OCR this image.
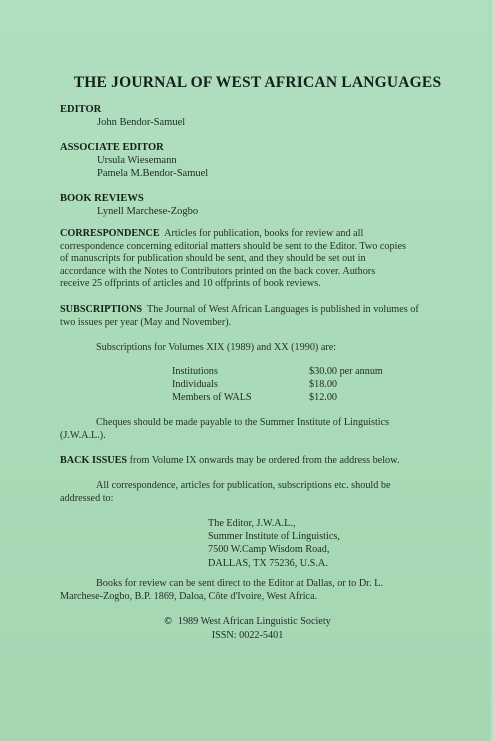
THE JOURNAL OF WEST AFRICAN LANGUAGES
EDITOR
John Bendor-Samuel
ASSOCIATE EDITOR
Ursula Wiesemann
Pamela M.Bendor-Samuel
BOOK REVIEWS
Lynell Marchese-Zogbo
CORRESPONDENCE Articles for publication, books for review and all
correspondence concerning editorial matters should be sent to the Editor. Two copies
of manuscripts for publication should be sent, and they should be set out in
accordance with the Notes to Contributors printed on the back cover. Authors
receive 25 offprints of articles and 10 offprints of book reviews.
SUBSCRIPTIONS The Journal of West African Languages is published in volumes of
two issues per year (May and November).
Subscriptions for Volumes XIX (1989) and XX (1990) are:
Institutions	$30.00 per annum
Individuals	$18.00
Members of WALS	$12.00
Cheques should be made payable to the Summer Institute of Linguistics
(J.W.A.L.).
BACK ISSUES from Volume IX onwards may be ordered from the address below.
All correspondence, articles for publication, subscriptions etc. should be
addressed to:
The Editor, J.W.A.L.,
Summer Institute of Linguistics,
7500 W.Camp Wisdom Road,
DALLAS, TX 75236, U.S.A.
Books for review can be sent direct to the Editor at Dallas, or to Dr. L.
Marchese-Zogbo, B.P. 1869, Daloa, Côte d'Ivoire, West Africa.
© 1989 West African Linguistic Society
ISSN: 0022-5401
